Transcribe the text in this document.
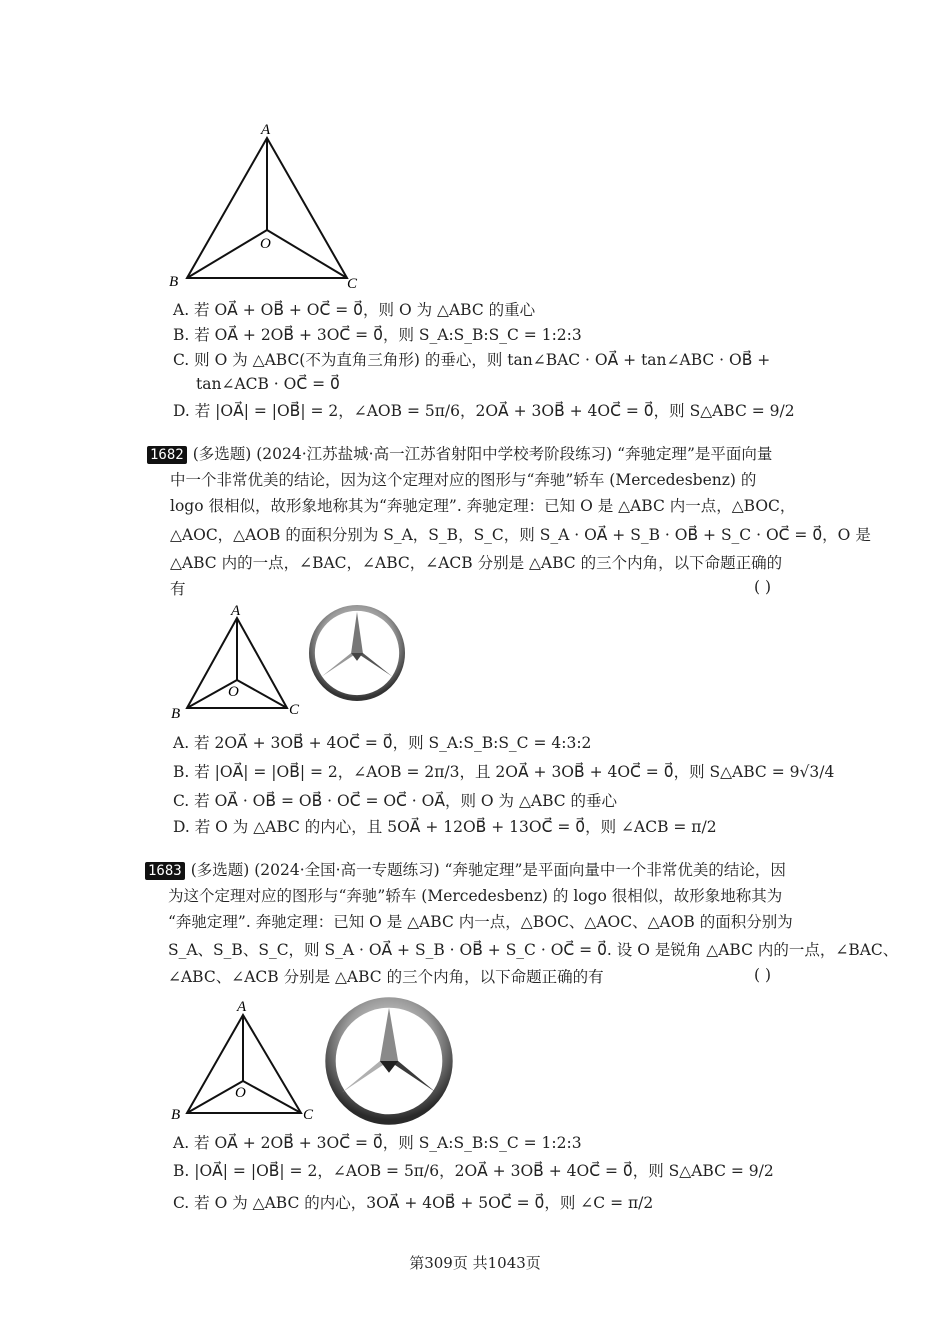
A
B	C
O
A. 若 OA⃗ + OB⃗ + OC⃗ = 0⃗，则 O 为 △ABC 的重心
B. 若 OA⃗ + 2OB⃗ + 3OC⃗ = 0⃗，则 S_A:S_B:S_C = 1:2:3
C. 则 O 为 △ABC(不为直角三角形) 的垂心，则 tan∠BAC · OA⃗ + tan∠ABC · OB⃗ +
tan∠ACB · OC⃗ = 0⃗
D. 若 |OA⃗| = |OB⃗| = 2，∠AOB = 5π/6，2OA⃗ + 3OB⃗ + 4OC⃗ = 0⃗，则 S△ABC = 9/2
1682 (多选题) (2024·江苏盐城·高一江苏省射阳中学校考阶段练习) “奔驰定理”是平面向量
中一个非常优美的结论，因为这个定理对应的图形与“奔驰”轿车 (Mercedesbenz) 的
logo 很相似，故形象地称其为“奔驰定理”. 奔驰定理：已知 O 是 △ABC 内一点，△BOC，
△AOC，△AOB 的面积分别为 S_A，S_B，S_C，则 S_A · OA⃗ + S_B · OB⃗ + S_C · OC⃗ = 0⃗，O 是
△ABC 内的一点，∠BAC，∠ABC，∠ACB 分别是 △ABC 的三个内角，以下命题正确的
有	( )
A
B	C
O
A. 若 2OA⃗ + 3OB⃗ + 4OC⃗ = 0⃗，则 S_A:S_B:S_C = 4:3:2
B. 若 |OA⃗| = |OB⃗| = 2，∠AOB = 2π/3，且 2OA⃗ + 3OB⃗ + 4OC⃗ = 0⃗，则 S△ABC = 9√3/4
C. 若 OA⃗ · OB⃗ = OB⃗ · OC⃗ = OC⃗ · OA⃗，则 O 为 △ABC 的垂心
D. 若 O 为 △ABC 的内心，且 5OA⃗ + 12OB⃗ + 13OC⃗ = 0⃗，则 ∠ACB = π/2
1683 (多选题) (2024·全国·高一专题练习) “奔驰定理”是平面向量中一个非常优美的结论，因
为这个定理对应的图形与“奔驰”轿车 (Mercedesbenz) 的 logo 很相似，故形象地称其为
“奔驰定理”. 奔驰定理：已知 O 是 △ABC 内一点，△BOC、△AOC、△AOB 的面积分别为
S_A、S_B、S_C，则 S_A · OA⃗ + S_B · OB⃗ + S_C · OC⃗ = 0⃗. 设 O 是锐角 △ABC 内的一点，∠BAC、
∠ABC、∠ACB 分别是 △ABC 的三个内角，以下命题正确的有	( )
A
B	C
O
A. 若 OA⃗ + 2OB⃗ + 3OC⃗ = 0⃗，则 S_A:S_B:S_C = 1:2:3
B. |OA⃗| = |OB⃗| = 2，∠AOB = 5π/6，2OA⃗ + 3OB⃗ + 4OC⃗ = 0⃗，则 S△ABC = 9/2
C. 若 O 为 △ABC 的内心，3OA⃗ + 4OB⃗ + 5OC⃗ = 0⃗，则 ∠C = π/2
第309页 共1043页
